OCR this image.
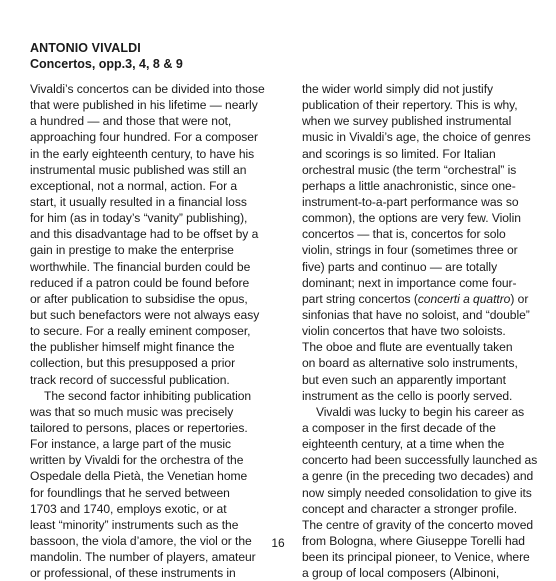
ANTONIO VIVALDI
Concertos, opp.3, 4, 8 & 9
Vivaldi’s concertos can be divided into those
that were published in his lifetime — nearly
a hundred — and those that were not,
approaching four hundred. For a composer
in the early eighteenth century, to have his
instrumental music published was still an
exceptional, not a normal, action. For a
start, it usually resulted in a financial loss
for him (as in today’s “vanity” publishing),
and this disadvantage had to be offset by a
gain in prestige to make the enterprise
worthwhile. The financial burden could be
reduced if a patron could be found before
or after publication to subsidise the opus,
but such benefactors were not always easy
to secure. For a really eminent composer,
the publisher himself might finance the
collection, but this presupposed a prior
track record of successful publication.
The second factor inhibiting publication
was that so much music was precisely
tailored to persons, places or repertories.
For instance, a large part of the music
written by Vivaldi for the orchestra of the
Ospedale della Pietà, the Venetian home
for foundlings that he served between
1703 and 1740, employs exotic, or at
least “minority” instruments such as the
bassoon, the viola d’amore, the viol or the
mandolin. The number of players, amateur
or professional, of these instruments in
the wider world simply did not justify
publication of their repertory. This is why,
when we survey published instrumental
music in Vivaldi’s age, the choice of genres
and scorings is so limited. For Italian
orchestral music (the term “orchestral” is
perhaps a little anachronistic, since one-
instrument-to-a-part performance was so
common), the options are very few. Violin
concertos — that is, concertos for solo
violin, strings in four (sometimes three or
five) parts and continuo — are totally
dominant; next in importance come four-
part string concertos (concerti a quattro) or
sinfonias that have no soloist, and “double”
violin concertos that have two soloists.
The oboe and flute are eventually taken
on board as alternative solo instruments,
but even such an apparently important
instrument as the cello is poorly served.
Vivaldi was lucky to begin his career as
a composer in the first decade of the
eighteenth century, at a time when the
concerto had been successfully launched as
a genre (in the preceding two decades) and
now simply needed consolidation to give its
concept and character a stronger profile.
The centre of gravity of the concerto moved
from Bologna, where Giuseppe Torelli had
been its principal pioneer, to Venice, where
a group of local composers (Albinoni,
16
